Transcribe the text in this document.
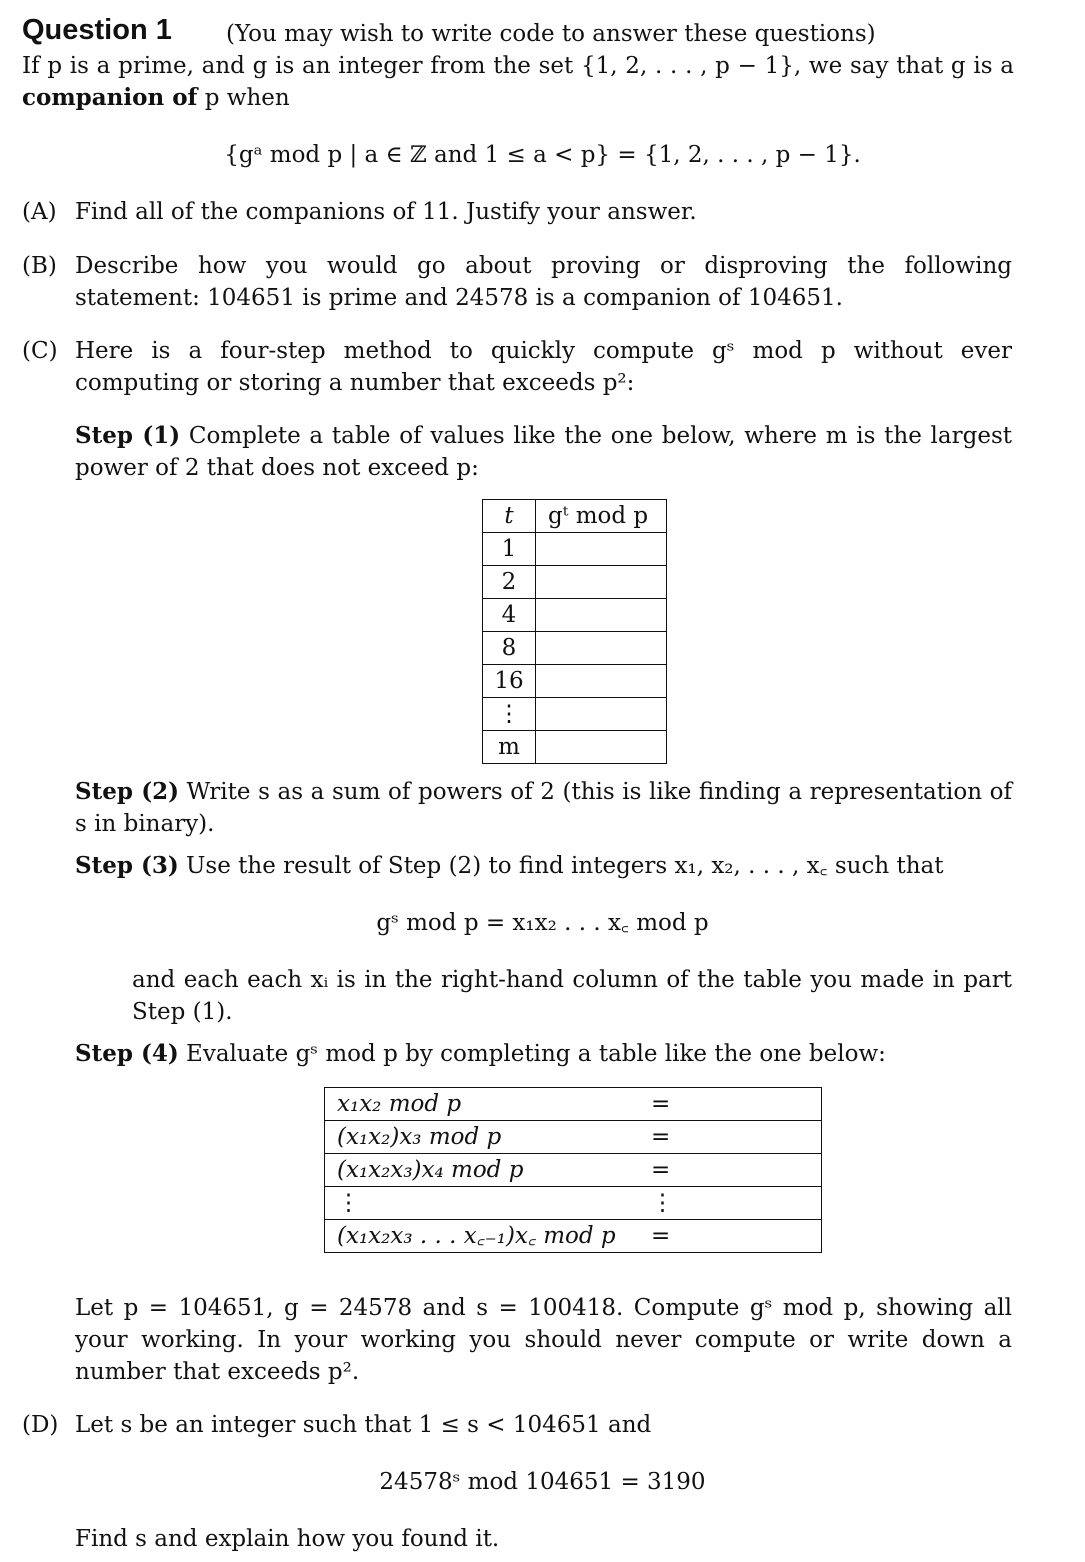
Question 1 (You may wish to write code to answer these questions)
If p is a prime, and g is an integer from the set {1, 2, . . . , p − 1}, we say that g is a
companion of p when
{gᵃ mod p | a ∈ ℤ and 1 ≤ a < p} = {1, 2, . . . , p − 1}.
(A) Find all of the companions of 11. Justify your answer.
(B) Describe how you would go about proving or disproving the following statement: 104651 is prime and 24578 is a companion of 104651.
(C) Here is a four-step method to quickly compute gˢ mod p without ever computing or storing a number that exceeds p²:
Step (1) Complete a table of values like the one below, where m is the largest power of 2 that does not exceed p:
t	gᵗ mod p
1	
2	
4	
8	
16	
⋮	
m	
Step (2) Write s as a sum of powers of 2 (this is like finding a representation of s in binary).
Step (3) Use the result of Step (2) to find integers x₁, x₂, . . . , x꜀ such that
gˢ mod p = x₁x₂ . . . x꜀ mod p
and each each xᵢ is in the right-hand column of the table you made in part Step (1).
Step (4) Evaluate gˢ mod p by completing a table like the one below:
x₁x₂ mod p	=
(x₁x₂)x₃ mod p	=
(x₁x₂x₃)x₄ mod p	=
⋮	⋮
(x₁x₂x₃ . . . x꜀₋₁)x꜀ mod p	=
Let p = 104651, g = 24578 and s = 100418. Compute gˢ mod p, showing all your working. In your working you should never compute or write down a number that exceeds p².
(D) Let s be an integer such that 1 ≤ s < 104651 and
24578ˢ mod 104651 = 3190
Find s and explain how you found it.
